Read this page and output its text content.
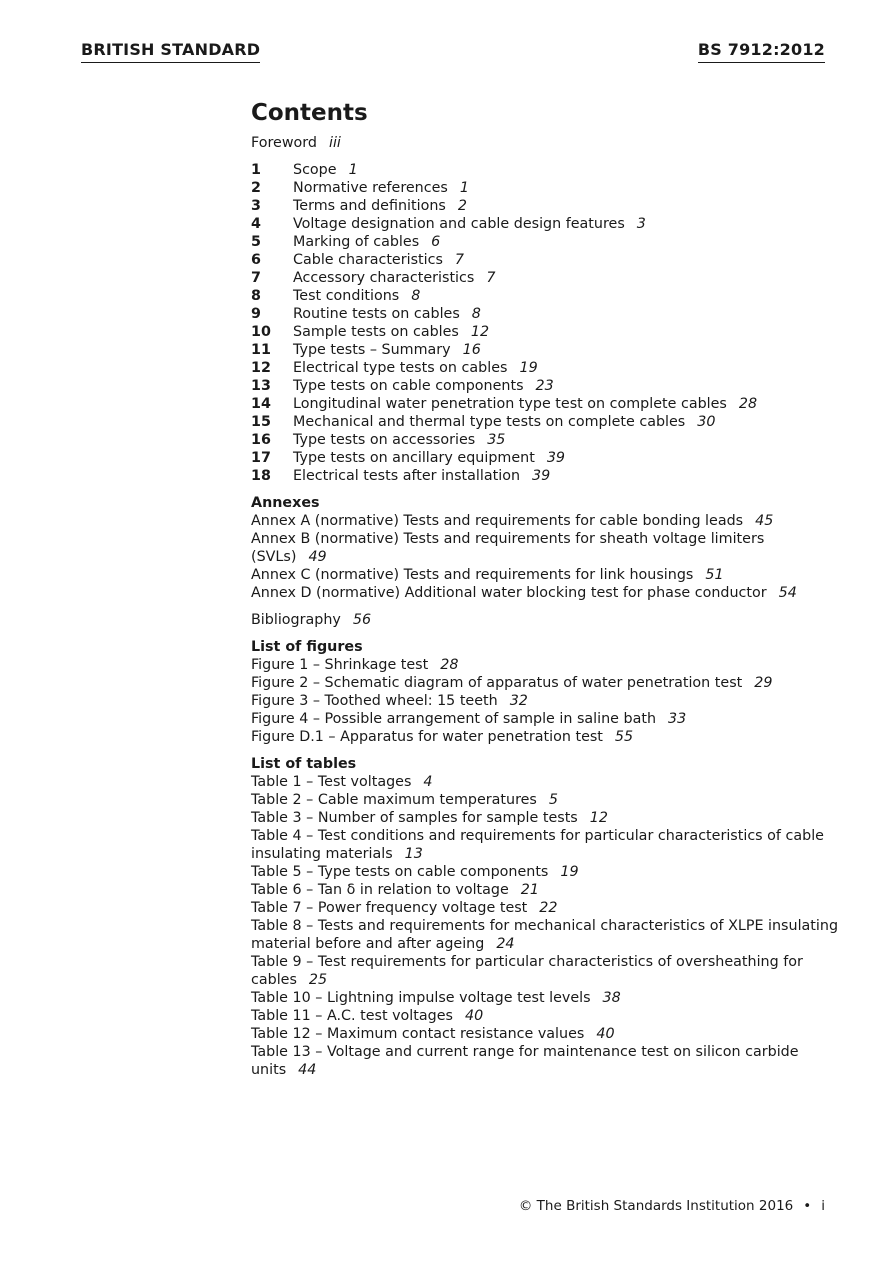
BRITISH STANDARD	BS 7912:2012
Contents
Foreword iii
1	Scope 1
2	Normative references 1
3	Terms and definitions 2
4	Voltage designation and cable design features 3
5	Marking of cables 6
6	Cable characteristics 7
7	Accessory characteristics 7
8	Test conditions 8
9	Routine tests on cables 8
10	Sample tests on cables 12
11	Type tests – Summary 16
12	Electrical type tests on cables 19
13	Type tests on cable components 23
14	Longitudinal water penetration type test on complete cables 28
15	Mechanical and thermal type tests on complete cables 30
16	Type tests on accessories 35
17	Type tests on ancillary equipment 39
18	Electrical tests after installation 39
Annexes
Annex A (normative) Tests and requirements for cable bonding leads 45
Annex B (normative) Tests and requirements for sheath voltage limiters (SVLs) 49
Annex C (normative) Tests and requirements for link housings 51
Annex D (normative) Additional water blocking test for phase conductor 54
Bibliography 56
List of figures
Figure 1 – Shrinkage test 28
Figure 2 – Schematic diagram of apparatus of water penetration test 29
Figure 3 – Toothed wheel: 15 teeth 32
Figure 4 – Possible arrangement of sample in saline bath 33
Figure D.1 – Apparatus for water penetration test 55
List of tables
Table 1 – Test voltages 4
Table 2 – Cable maximum temperatures 5
Table 3 – Number of samples for sample tests 12
Table 4 – Test conditions and requirements for particular characteristics of cable insulating materials 13
Table 5 – Type tests on cable components 19
Table 6 – Tan δ in relation to voltage 21
Table 7 – Power frequency voltage test 22
Table 8 – Tests and requirements for mechanical characteristics of XLPE insulating material before and after ageing 24
Table 9 – Test requirements for particular characteristics of oversheathing for cables 25
Table 10 – Lightning impulse voltage test levels 38
Table 11 – A.C. test voltages 40
Table 12 – Maximum contact resistance values 40
Table 13 – Voltage and current range for maintenance test on silicon carbide units 44
© The British Standards Institution 2016 • i
